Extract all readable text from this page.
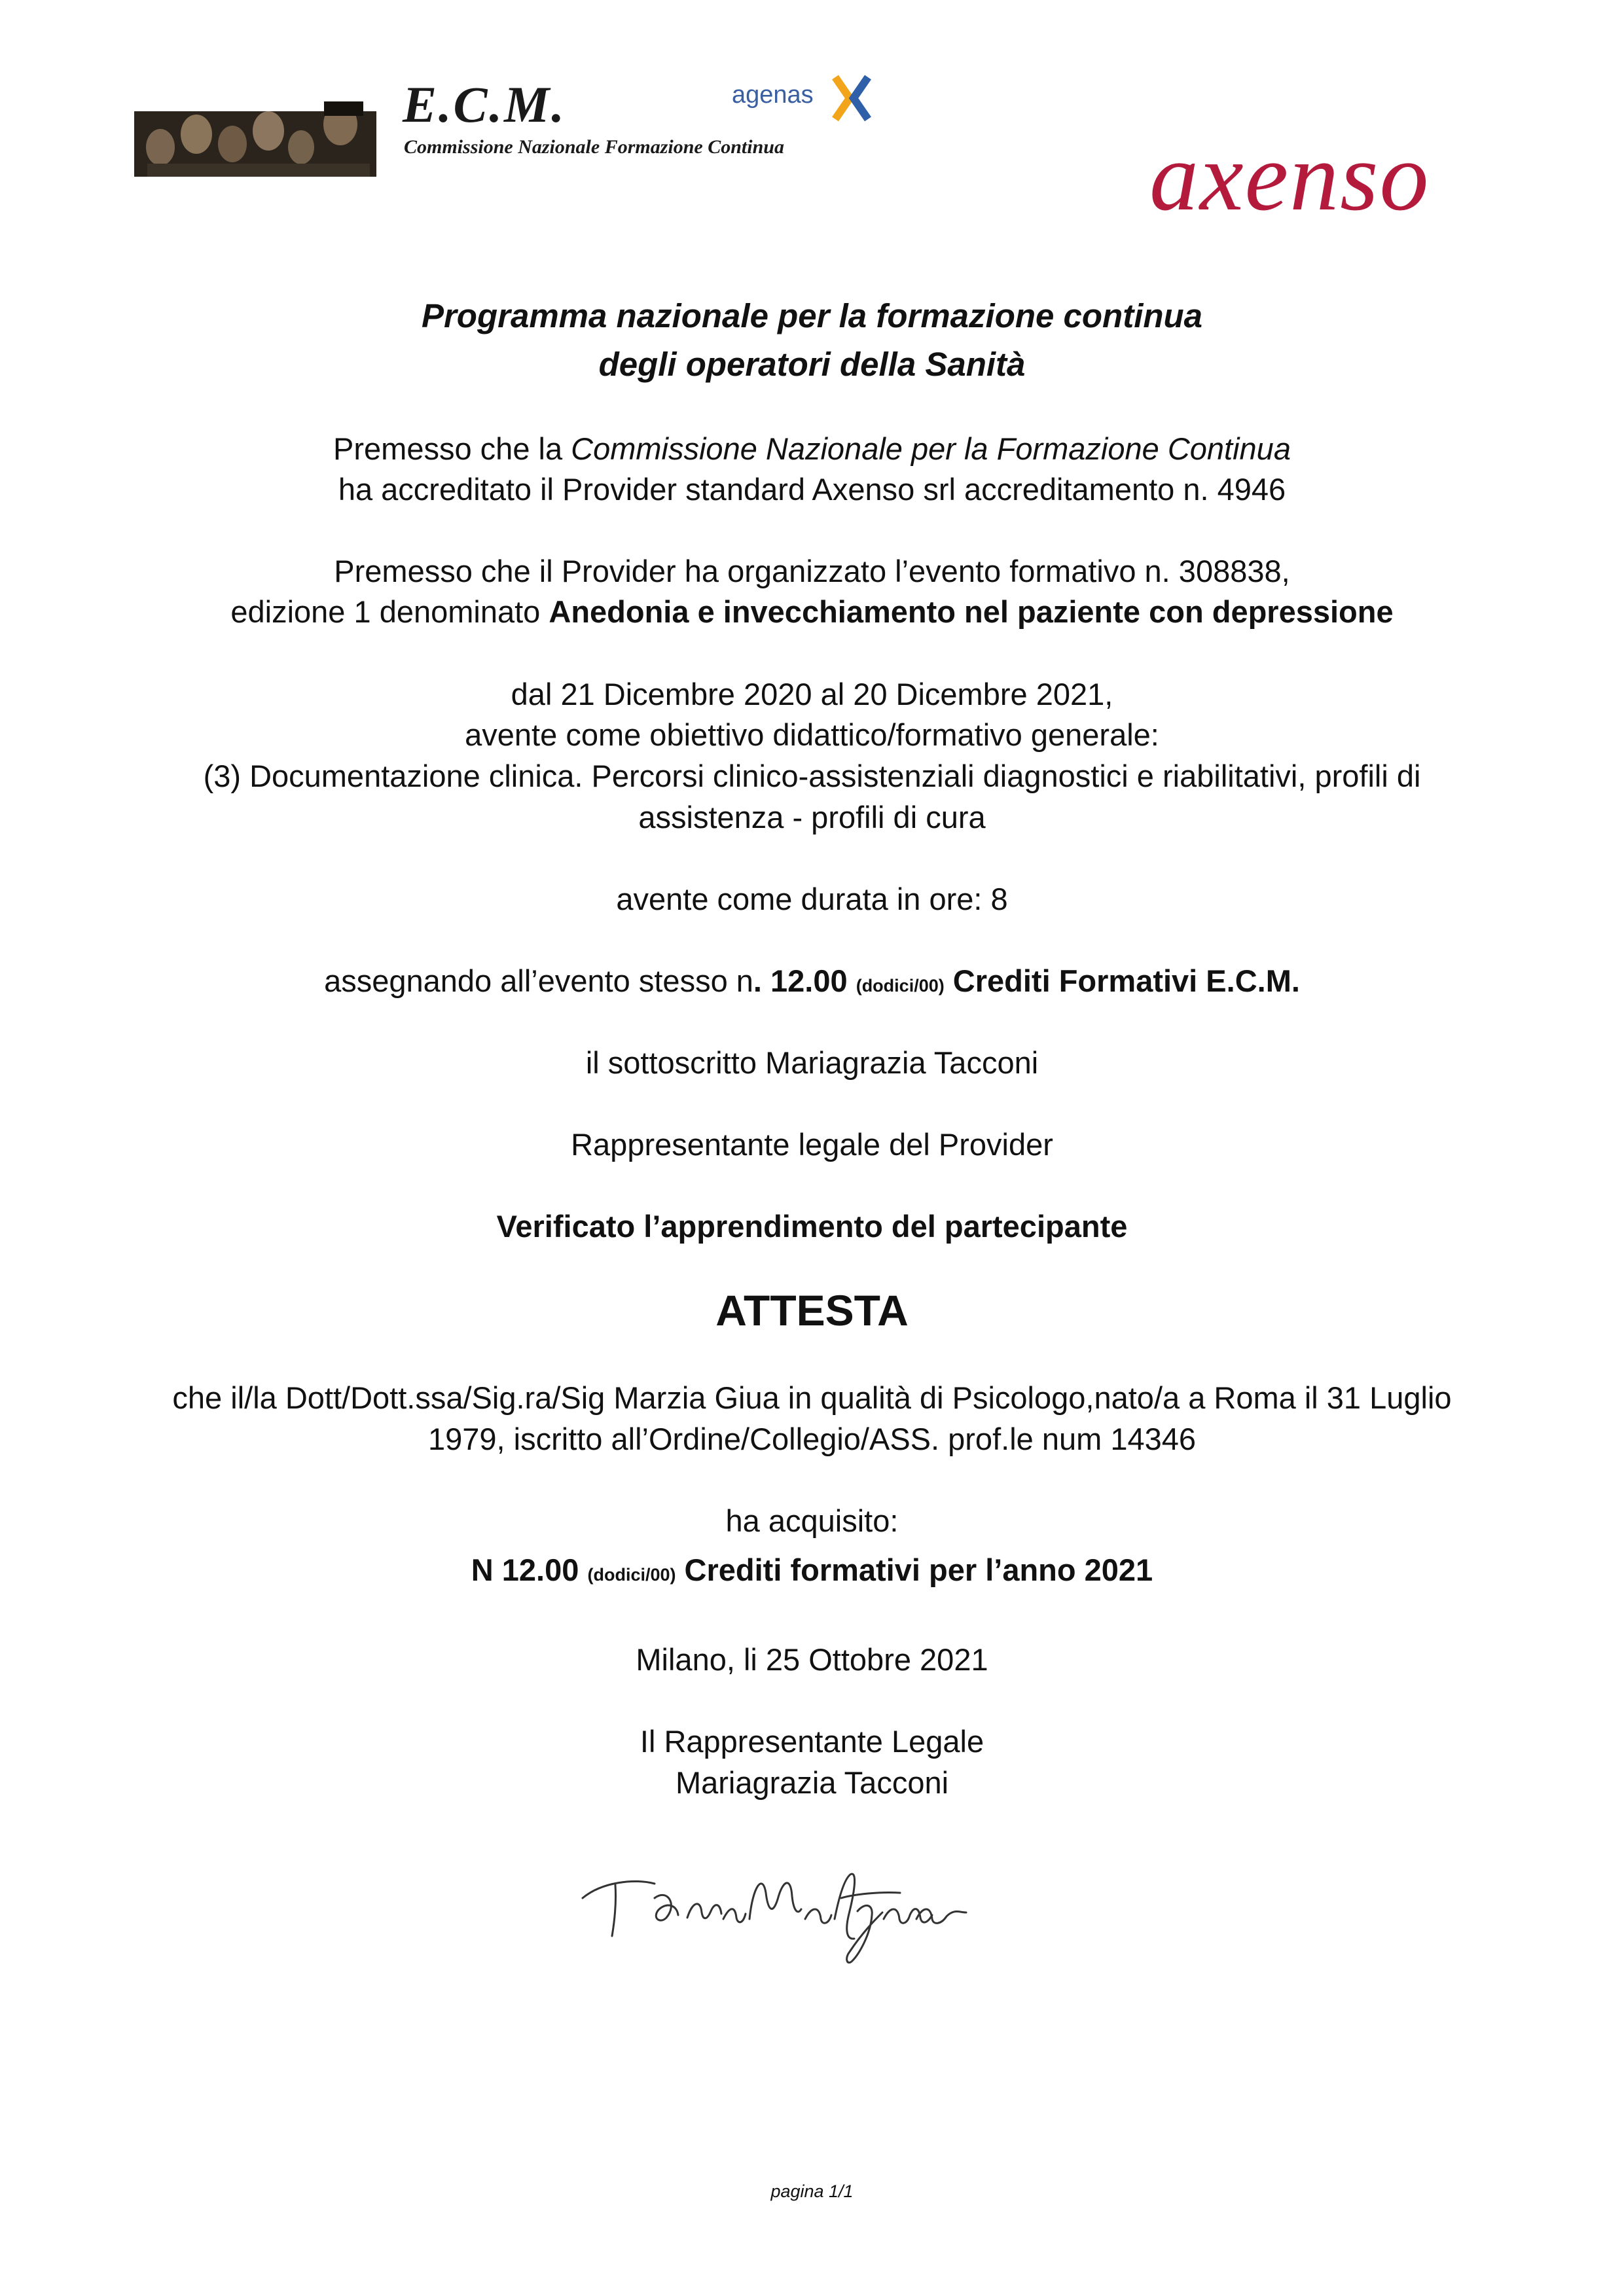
E.C.M.
Commissione Nazionale Formazione Continua
agenas
axenso
Programma nazionale per la formazione continua
degli operatori della Sanità
Premesso che la Commissione Nazionale per la Formazione Continua
ha accreditato il Provider standard Axenso srl accreditamento n. 4946
Premesso che il Provider ha organizzato l’evento formativo n. 308838,
edizione 1 denominato Anedonia e invecchiamento nel paziente con depressione
dal 21 Dicembre 2020 al 20 Dicembre 2021,
avente come obiettivo didattico/formativo generale:
(3) Documentazione clinica. Percorsi clinico-assistenziali diagnostici e riabilitativi, profili di
assistenza - profili di cura
avente come durata in ore: 8
assegnando all’evento stesso n. 12.00 (dodici/00) Crediti Formativi E.C.M.
il sottoscritto Mariagrazia Tacconi
Rappresentante legale del Provider
Verificato l’apprendimento del partecipante
ATTESTA
che il/la Dott/Dott.ssa/Sig.ra/Sig Marzia Giua in qualità di Psicologo,nato/a a Roma il 31 Luglio
1979, iscritto all’Ordine/Collegio/ASS. prof.le num 14346
ha acquisito:
N 12.00 (dodici/00) Crediti formativi per l’anno 2021
Milano, li 25 Ottobre 2021
Il Rappresentante Legale
Mariagrazia Tacconi
pagina 1/1
